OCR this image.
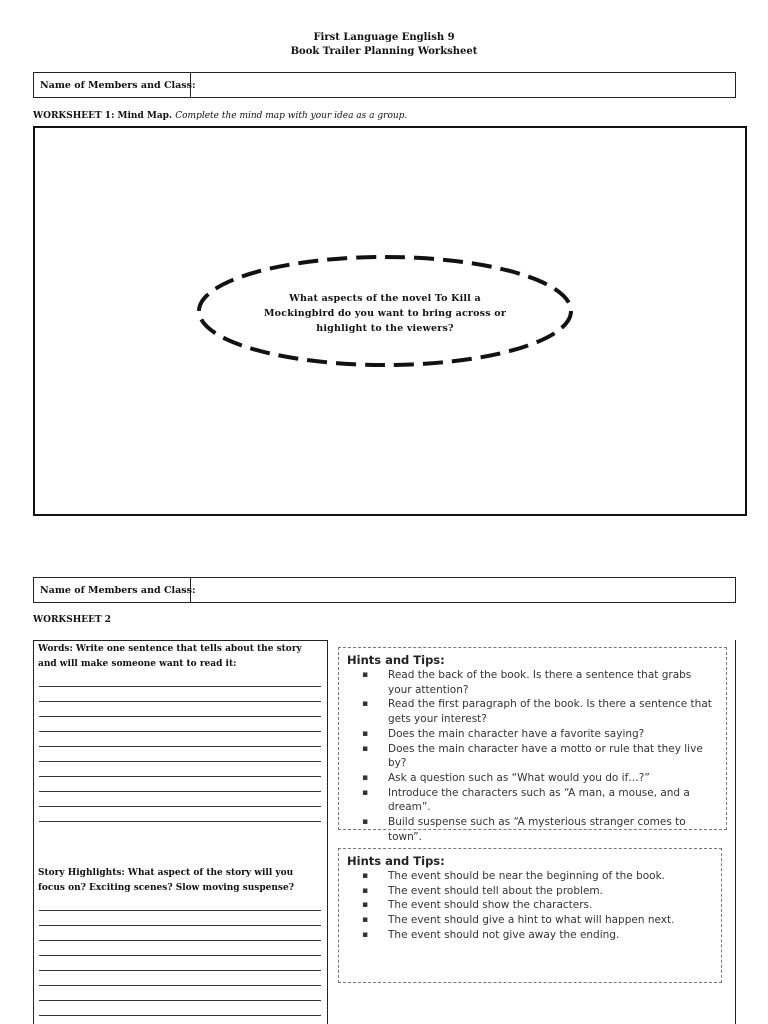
First Language English 9
Book Trailer Planning Worksheet
Name of Members and Class:
WORKSHEET 1: Mind Map. Complete the mind map with your idea as a group.
What aspects of the novel To Kill a Mockingbird do you want to bring across or highlight to the viewers?
Name of Members and Class:
WORKSHEET 2
Words: Write one sentence that tells about the story and will make someone want to read it:
Story Highlights: What aspect of the story will you focus on? Exciting scenes? Slow moving suspense?
Hints and Tips:
▪ Read the back of the book. Is there a sentence that grabs your attention?
▪ Read the first paragraph of the book. Is there a sentence that gets your interest?
▪ Does the main character have a favorite saying?
▪ Does the main character have a motto or rule that they live by?
▪ Ask a question such as “What would you do if…?”
▪ Introduce the characters such as “A man, a mouse, and a dream”.
▪ Build suspense such as “A mysterious stranger comes to town”.
Hints and Tips:
▪ The event should be near the beginning of the book.
▪ The event should tell about the problem.
▪ The event should show the characters.
▪ The event should give a hint to what will happen next.
▪ The event should not give away the ending.
